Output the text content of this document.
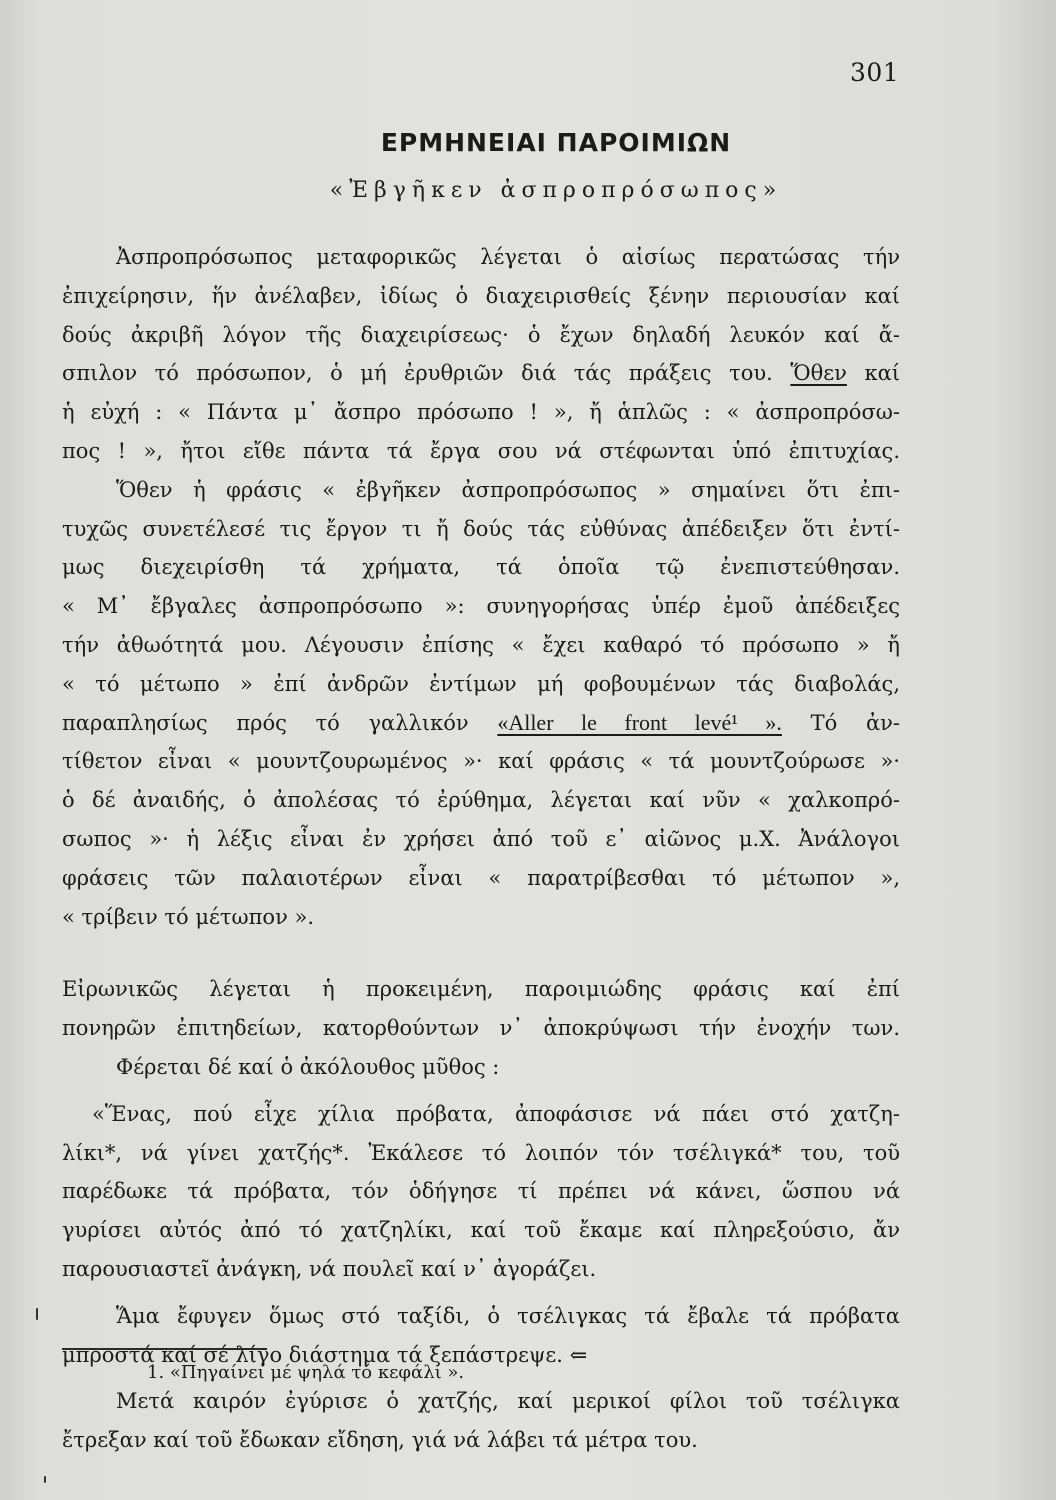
301
ΕΡΜΗΝΕΙΑΙ ΠΑΡΟΙΜΙΩΝ
«Ἐβγῆκεν ἀσπροπρόσωπος»
Ἀσπροπρόσωπος μεταφορικῶς λέγεται ὁ αἰσίως περατώσας τήν
ἐπιχείρησιν, ἥν ἀνέλαβεν, ἰδίως ὁ διαχειρισθείς ξένην περιουσίαν καί
δούς ἀκριβῆ λόγον τῆς διαχειρίσεως· ὁ ἔχων δηλαδή λευκόν καί ἄ-
σπιλον τό πρόσωπον, ὁ μή ἐρυθριῶν διά τάς πράξεις του. Ὅθεν καί
ἡ εὐχή : « Πάντα μ᾽ ἄσπρο πρόσωπο ! », ἤ ἁπλῶς : « ἀσπροπρόσω-
πος ! », ἤτοι εἴθε πάντα τά ἔργα σου νά στέφωνται ὑπό ἐπιτυχίας.
Ὅθεν ἡ φράσις « ἐβγῆκεν ἀσπροπρόσωπος » σημαίνει ὅτι ἐπι-
τυχῶς συνετέλεσέ τις ἔργον τι ἤ δούς τάς εὐθύνας ἀπέδειξεν ὅτι ἐντί-
μως διεχειρίσθη τά χρήματα, τά ὁποῖα τῷ ἐνεπιστεύθησαν.
« Μ᾽ ἔβγαλες ἀσπροπρόσωπο »: συνηγορήσας ὑπέρ ἐμοῦ ἀπέδειξες
τήν ἀθωότητά μου. Λέγουσιν ἐπίσης « ἔχει καθαρό τό πρόσωπο » ἤ
« τό μέτωπο » ἐπί ἀνδρῶν ἐντίμων μή φοβουμένων τάς διαβολάς,
παραπλησίως πρός τό γαλλικόν «Aller le front levé¹ ». Τό ἀν-
τίθετον εἶναι « μουντζουρωμένος »· καί φράσις « τά μουντζούρωσε »·
ὁ δέ ἀναιδής, ὁ ἀπολέσας τό ἐρύθημα, λέγεται καί νῦν « χαλκοπρό-
σωπος »· ἡ λέξις εἶναι ἐν χρήσει ἀπό τοῦ ε᾽ αἰῶνος μ.Χ. Ἀνάλογοι
φράσεις τῶν παλαιοτέρων εἶναι « παρατρίβεσθαι τό μέτωπον »,
« τρίβειν τό μέτωπον ».
Εἰρωνικῶς λέγεται ἡ προκειμένη, παροιμιώδης φράσις καί ἐπί
πονηρῶν ἐπιτηδείων, κατορθούντων ν᾽ ἀποκρύψωσι τήν ἐνοχήν των.
Φέρεται δέ καί ὁ ἀκόλουθος μῦθος :
«Ἕνας, πού εἶχε χίλια πρόβατα, ἀποφάσισε νά πάει στό χατζη-
λίκι*, νά γίνει χατζής*. Ἐκάλεσε τό λοιπόν τόν τσέλιγκά* του, τοῦ
παρέδωκε τά πρόβατα, τόν ὁδήγησε τί πρέπει νά κάνει, ὥσπου νά
γυρίσει αὐτός ἀπό τό χατζηλίκι, καί τοῦ ἔκαμε καί πληρεξούσιο, ἄν
παρουσιαστεῖ ἀνάγκη, νά πουλεῖ καί ν᾽ ἀγοράζει.
Ἅμα ἔφυγεν ὅμως στό ταξίδι, ὁ τσέλιγκας τά ἔβαλε τά πρόβατα
μπροστά καί σέ λίγο διάστημα τά ξεπάστρεψε. ⇐
Μετά καιρόν ἐγύρισε ὁ χατζής, καί μερικοί φίλοι τοῦ τσέλιγκα
ἔτρεξαν καί τοῦ ἔδωκαν εἴδηση, γιά νά λάβει τά μέτρα του.
1. «Πηγαίνει μέ ψηλά τό κεφάλι ».
